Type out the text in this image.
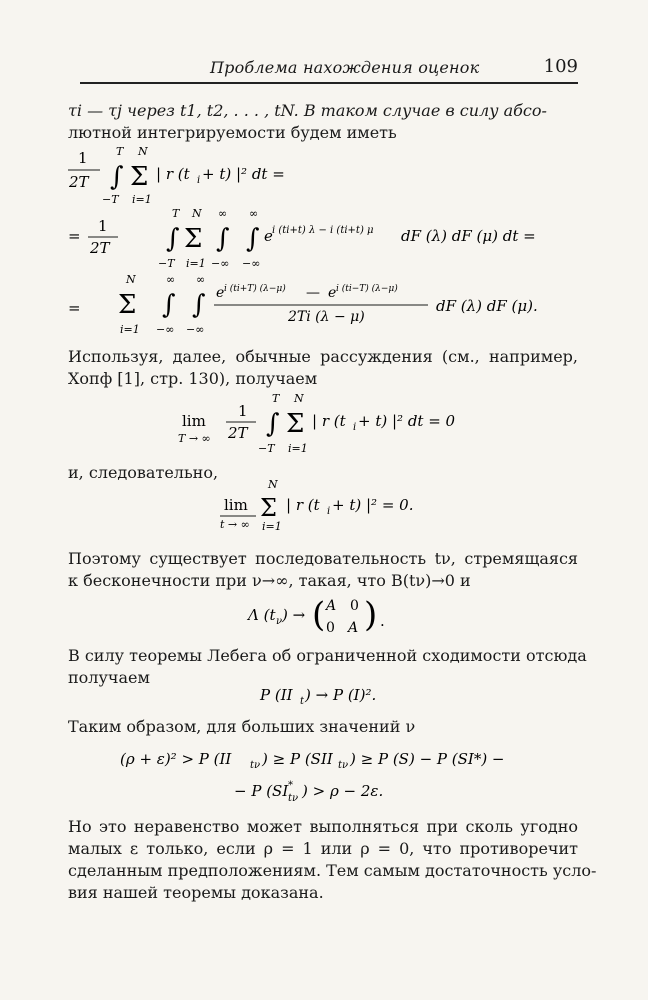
Проблема нахождения оценок	109
τi — τj через t1, t2, . . . , tN. В таком случае в силу абсо-
лютной интегрируемости будем иметь
1
2T
T
∫
−T
N
Σ
i=1
| r (t i + t) |² dt =
=
1
2T
T
∫
−T
N
Σ
i=1
∞
∫
−∞
∞
∫
−∞
e i (ti+t) λ − i (ti+t) μ dF (λ) dF (μ) dt =
=
N
Σ
i=1
∞
∫
−∞
∞
∫
−∞
e i (ti+T) (λ−μ) — e i (ti−T) (λ−μ)
2Ti (λ − μ)
dF (λ) dF (μ).
Используя, далее, обычные рассуждения (см., например,
Хопф [1], стр. 130), получаем
lim
T → ∞
1
2T
T
∫
−T
N
Σ
i=1
| r (t i + t) |² dt = 0
и, следовательно,
lim
t → ∞
N
Σ
i=1
| r (t i + t) |² = 0.
Поэтому существует последовательность tν, стремящаяся
к бесконечности при ν→∞, такая, что B(tν)→0 и
Λ (t ν ) → ( A 0
0 A ) .
В силу теоремы Лебега об ограниченной сходимости отсюда
получаем
P (II t ) → P (I)².
Таким образом, для больших значений ν
(ρ + ε)² > P (II tν ) ≥ P (SII tν ) ≥ P (S) − P (SI*) −
− P (SI *
tν ) > ρ − 2ε.
Но это неравенство может выполняться при сколь угодно
малых ε только, если ρ = 1 или ρ = 0, что противоречит
сделанным предположениям. Тем самым достаточность усло-
вия нашей теоремы доказана.
